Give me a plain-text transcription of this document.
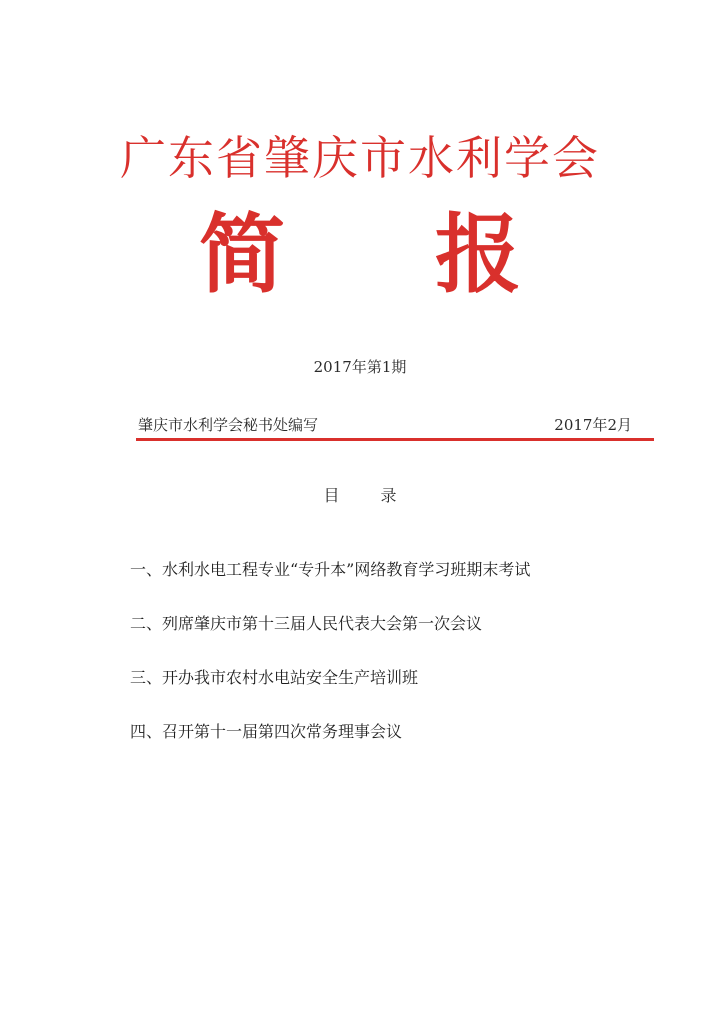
广东省肇庆市水利学会
简 报
2017年第1期
肇庆市水利学会秘书处编写	2017年2月
目 录
一、水利水电工程专业“专升本”网络教育学习班期末考试
二、列席肇庆市第十三届人民代表大会第一次会议
三、开办我市农村水电站安全生产培训班
四、召开第十一届第四次常务理事会议
